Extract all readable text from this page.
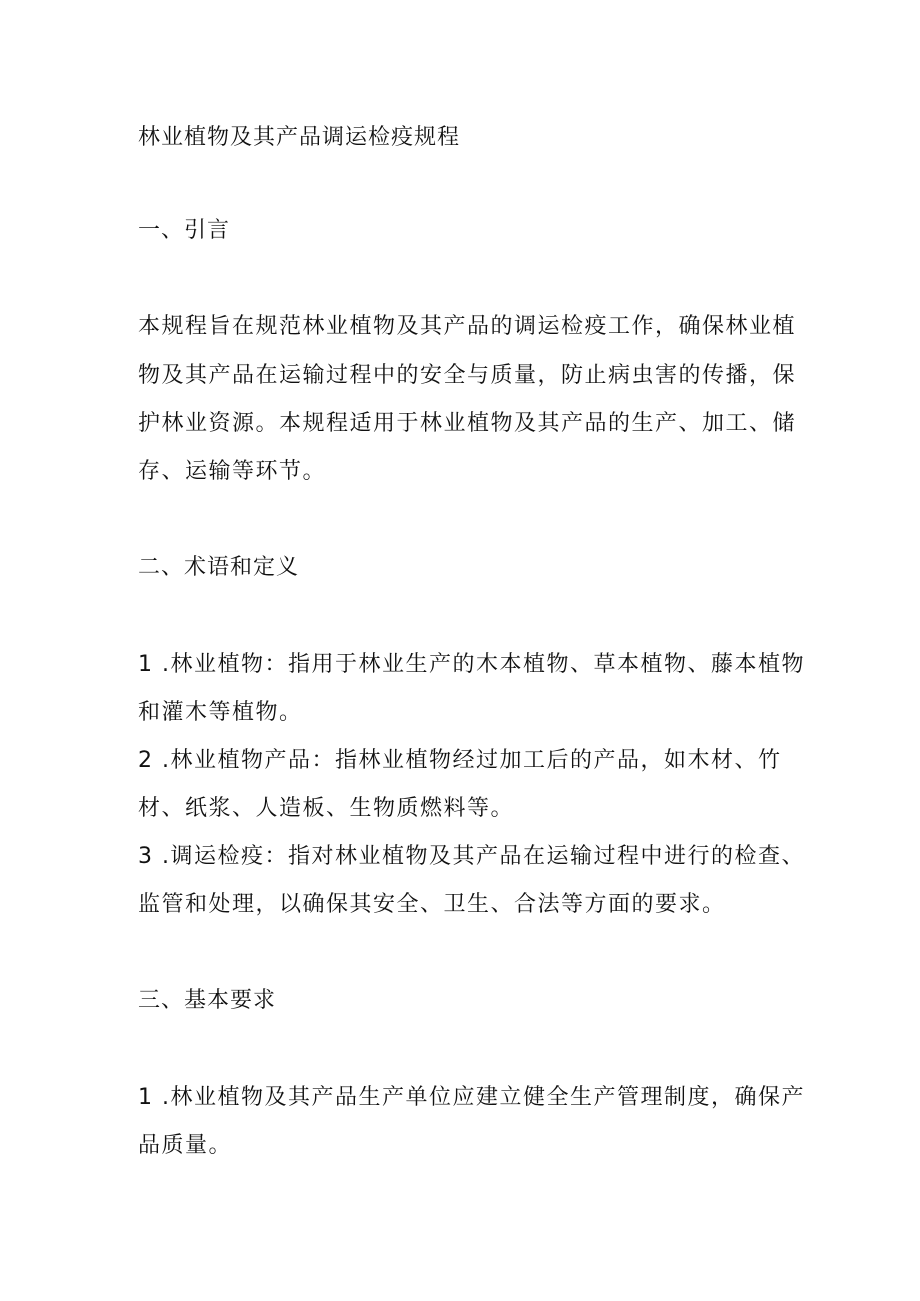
林业植物及其产品调运检疫规程
一、引言
本规程旨在规范林业植物及其产品的调运检疫工作，确保林业植
物及其产品在运输过程中的安全与质量，防止病虫害的传播，保
护林业资源。本规程适用于林业植物及其产品的生产、加工、储
存、运输等环节。
二、术语和定义
1 .林业植物：指用于林业生产的木本植物、草本植物、藤本植物
和灌木等植物。
2 .林业植物产品：指林业植物经过加工后的产品，如木材、竹
材、纸浆、人造板、生物质燃料等。
3 .调运检疫：指对林业植物及其产品在运输过程中进行的检查、
监管和处理，以确保其安全、卫生、合法等方面的要求。
三、基本要求
1 .林业植物及其产品生产单位应建立健全生产管理制度，确保产
品质量。
